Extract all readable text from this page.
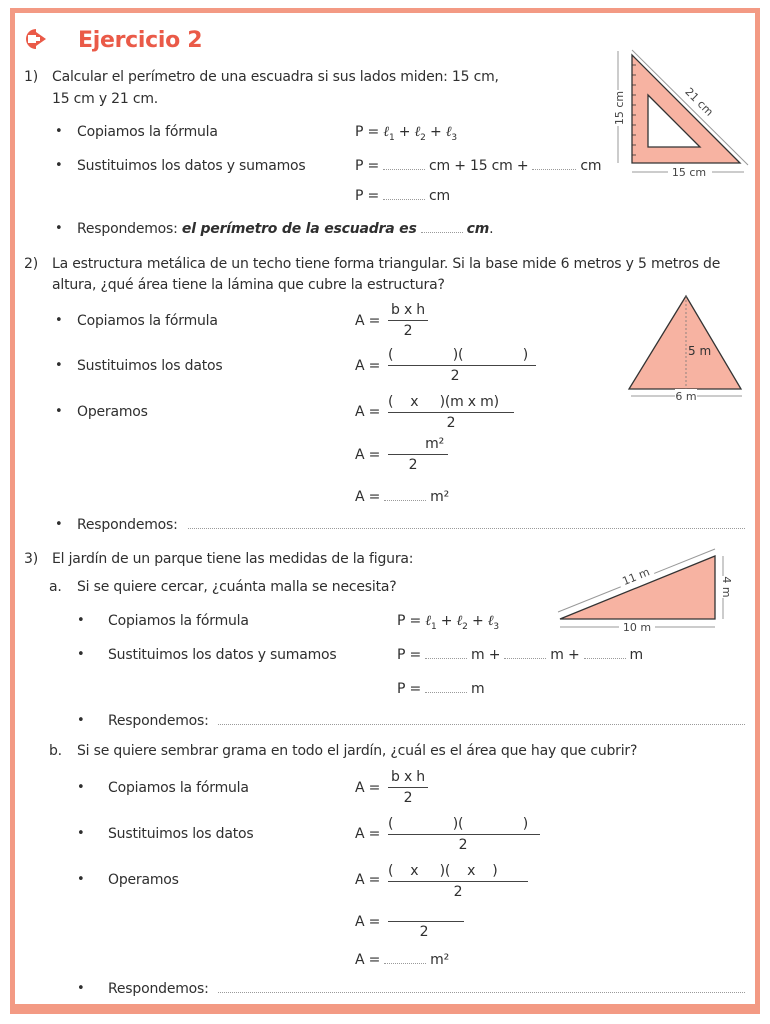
Ejercicio 2
1) Calcular el perímetro de una escuadra si sus lados miden: 15 cm,
15 cm y 21 cm.
• Copiamos la fórmula	P = ℓ$_1$ + ℓ$_2$ + ℓ$_3$
• Sustituimos los datos y sumamos	P =	cm + 15 cm +	cm
P =	cm
• Respondemos: el perímetro de la escuadra es	cm.
15 cm
15 cm
21 cm
2) La estructura metálica de un techo tiene forma triangular. Si la base mide 6 metros y 5 metros de
altura, ¿qué área tiene la lámina que cubre la estructura?
• Copiamos la fórmula	A =
b x h
2
• Sustituimos los datos	A =
(              )(              )
2
• Operamos	A =
(    x     )(m x m)
2
A =
m²
2
A =	m²
• Respondemos:
5 m
6 m
3) El jardín de un parque tiene las medidas de la figura:
a. Si se quiere cercar, ¿cuánta malla se necesita?
• Copiamos la fórmula	P = ℓ$_1$ + ℓ$_2$ + ℓ$_3$
• Sustituimos los datos y sumamos	P =	m +	m +	m
P =	m
• Respondemos:
11 m	4 m
10 m
b. Si se quiere sembrar grama en todo el jardín, ¿cuál es el área que hay que cubrir?
• Copiamos la fórmula	A =
b x h
2
• Sustituimos los datos	A =
(              )(              )
2
• Operamos	A =
(    x     )(    x    )
2
A =
2
A =	m²
• Respondemos:
